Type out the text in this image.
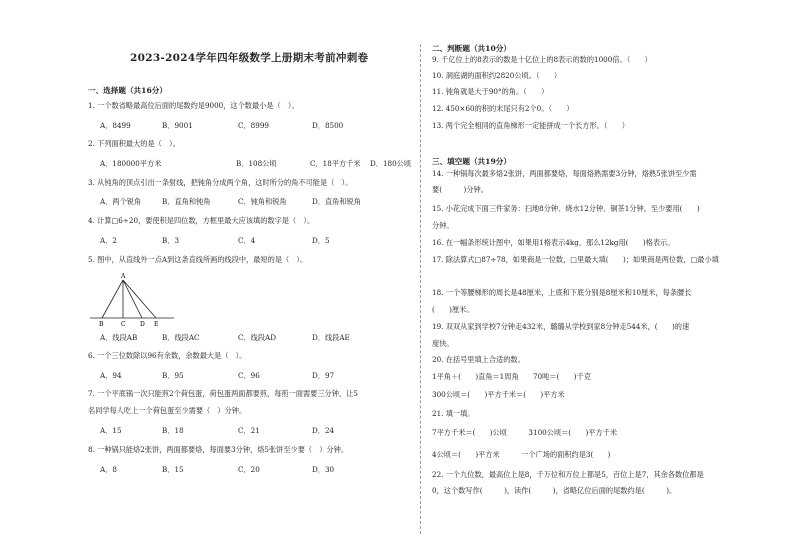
2023-2024学年四年级数学上册期末考前冲刺卷
一、选择题（共16分）
1. 一个数省略最高位后面的尾数约是9000，这个数最小是（　）。
A．8499	B．9001	C．8999	D．8500
2. 下列面积最大的是（　）。
A．180000平方米	B．108公顷	C．18平方千米 D．180公顷
3. 从钝角的顶点引出一条射线，把钝角分成两个角，这时所分的角不可能是（　）。
A．两个锐角	B．直角和钝角	C．钝角和锐角	D．直角和锐角
4. 计算□6÷20，要使积是四位数，方框里最大应该填的数字是（　）。
A．2	B．3	C．4	D．5
5. 图中，从直线外一点A到这条直线所画的线段中，最短的是（　）。
A
B	C D E
A．线段AB	B．线段AC	C．线段AD	D．线段AE
6. 一个三位数除以96有余数，余数最大是（　）。
A．94	B．95	C．96	D．97
7. 一个平底锅一次只能煎2个荷包蛋，荷包蛋两面都要煎，每煎一面需要三分钟，让5
名同学每人吃上一个荷包蛋至少需要（　）分钟。
A．15	B．18	C．21	D．24
8. 一种锅只能烙2张饼，两面都要烙，每面要3分钟，烙5张饼至少要（　）分钟。
A．8	B．15	C．20	D．30
二、判断题（共10分）
9. 千亿位上的8表示的数是十亿位上的8表示的数的1000倍。（　　）
10. 洞庭湖的面积约2820公顷。（　　）
11. 钝角就是大于90°的角。（　　）
12. 450×60的积的末尾只有2个0。（　　）
13. 两个完全相同的直角梯形一定能拼成一个长方形。（　　）
三、填空题（共19分）
14. 一种锅每次最多烙2张饼，两面都要烙，每面烙熟需要3分钟，烙熟5张饼至少需
要(　　　)分钟。
15. 小花完成下面三件家务：扫地8分钟、烧水12分钟、铜茶1分钟。至少要用(　　)
分钟。
16. 在一幅条形统计图中，如果用1格表示4kg，那么12kg用(　　)格表示。
17. 除法算式□87÷78，如果商是一位数，□里最大填(　　)；如果商是两位数，□最小填
18. 一个等腰梯形的周长是48厘米，上底和下底分别是8厘米和10厘米，每条腰长
(　　)厘米。
19. 双双从家到学校7分钟走432米，璐璐从学校到家8分钟走544米，(　　)的速
度快。
20. 在括号里填上合适的数。
1平角＋(　　)直角＝1周角　　70吨＝(　　)千克
300公顷＝(　　)平方千米＝(　　)平方米
21. 填一填。
7平方千米＝(　　)公顷　　　3100公顷＝(　　)平方千米
4公顷＝(　　)平方米　　　一个广场的面积约是3(　　)
22. 一个九位数，最高位上是8，千万位和万位上都是5，百位上是7，其余各数位都是
0，这个数写作(　　　)，读作(　　　)，省略亿位后面的尾数约是(　　　)。
